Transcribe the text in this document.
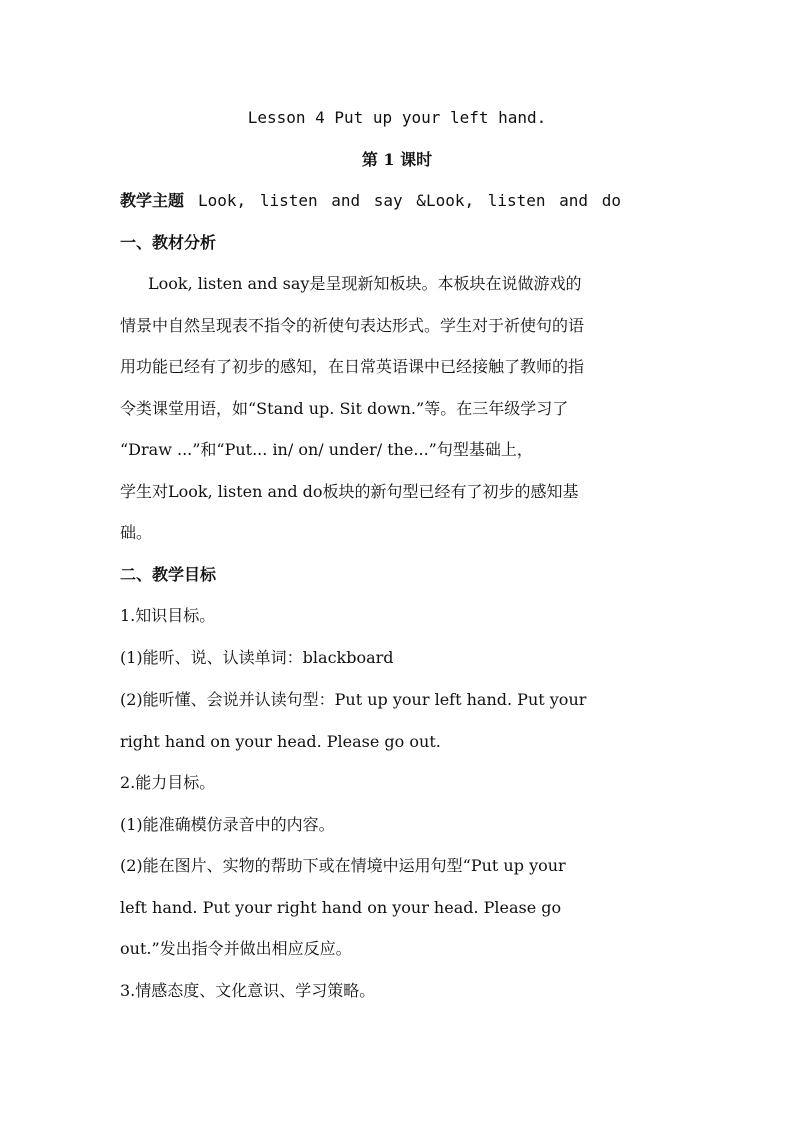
Lesson 4 Put up your left hand.
第 1 课时
教学主题 Look, listen and say &Look, listen and do
一、教材分析
Look, listen and say是呈现新知板块。本板块在说做游戏的
情景中自然呈现表不指令的祈使句表达形式。学生对于祈使句的语
用功能已经有了初步的感知，在日常英语课中已经接触了教师的指
令类课堂用语，如“Stand up. Sit down.”等。在三年级学习了
“Draw ...”和“Put... in/ on/ under/ the...”句型基础上，
学生对Look, listen and do板块的新句型已经有了初步的感知基
础。
二、教学目标
1.知识目标。
(1)能听、说、认读单词：blackboard
(2)能听懂、会说并认读句型：Put up your left hand. Put your
right hand on your head. Please go out.
2.能力目标。
(1)能准确模仿录音中的内容。
(2)能在图片、实物的帮助下或在情境中运用句型“Put up your
left hand. Put your right hand on your head. Please go
out.”发出指令并做出相应反应。
3.情感态度、文化意识、学习策略。
